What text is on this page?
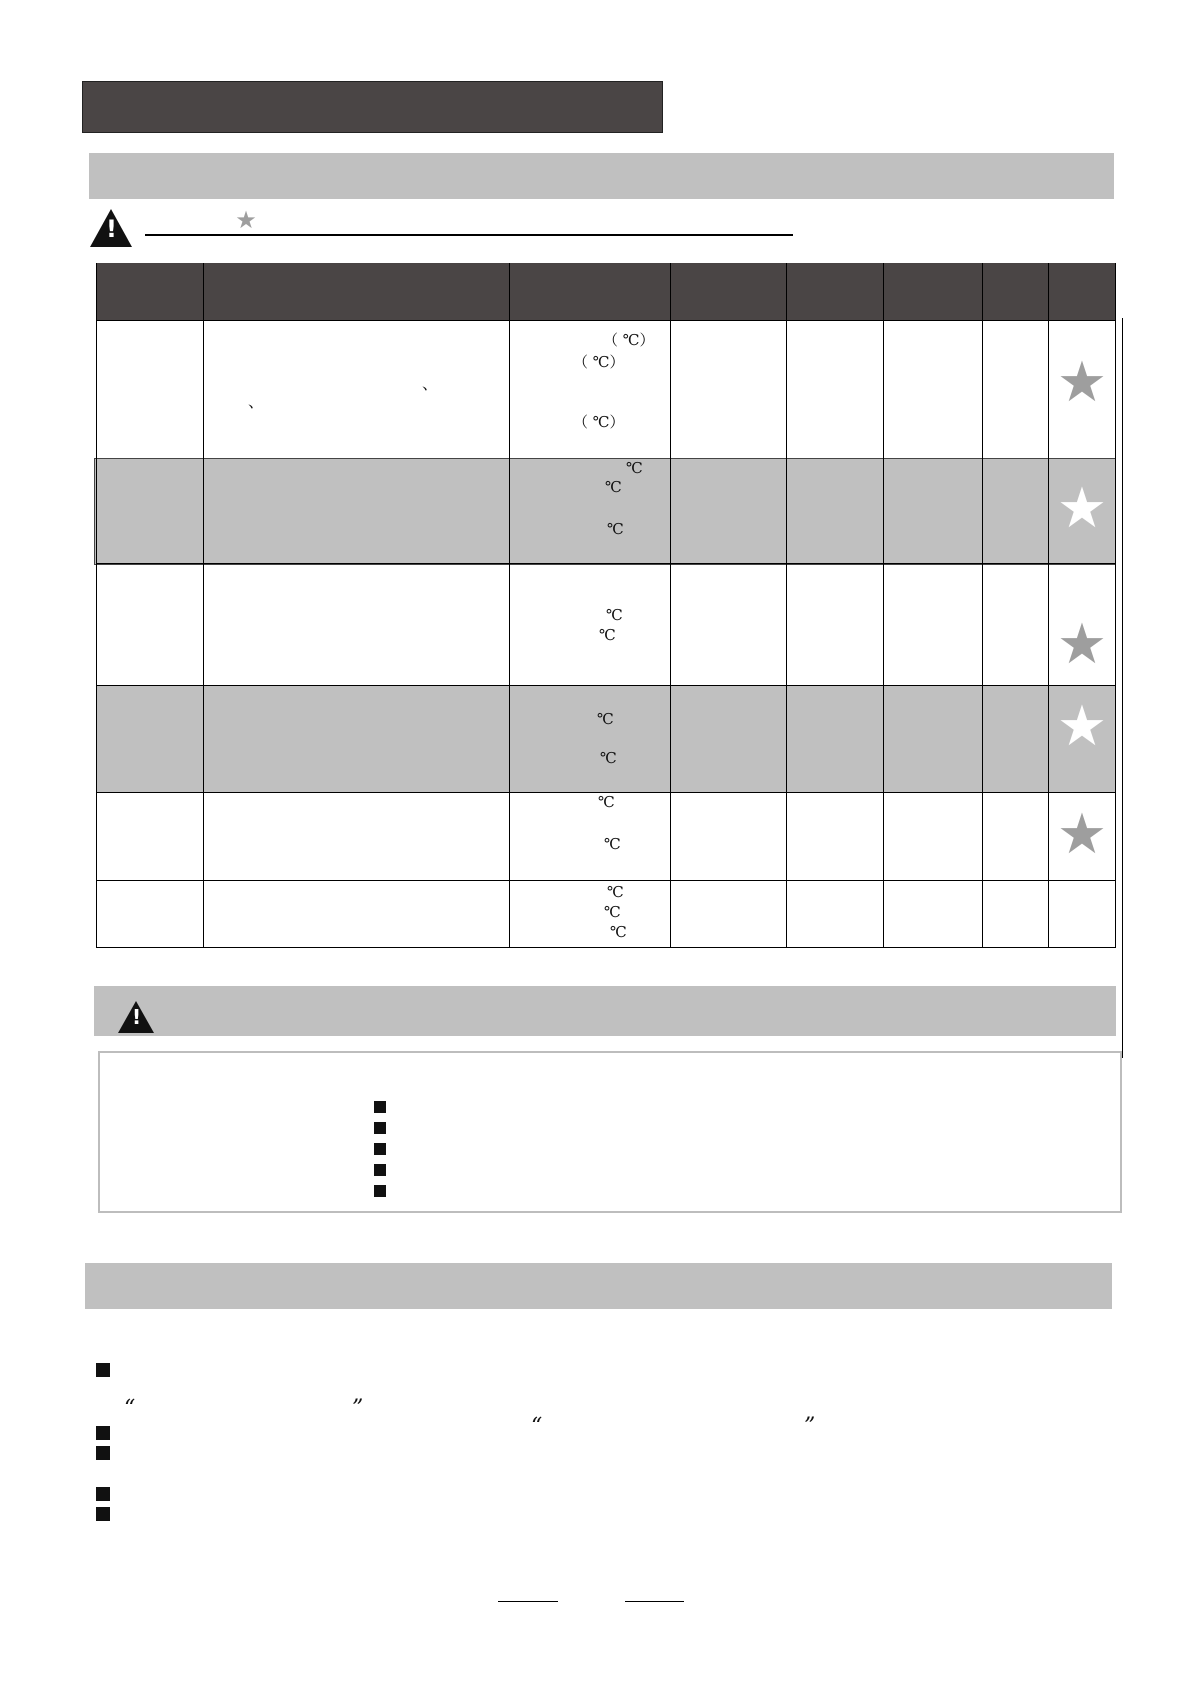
!
★
（ ℃）
（ ℃）
（ ℃）
、
、
℃
℃
℃
℃
℃
℃
℃
℃
℃
℃
℃
℃
★
★
★
★
★
!
“	”
“	”
